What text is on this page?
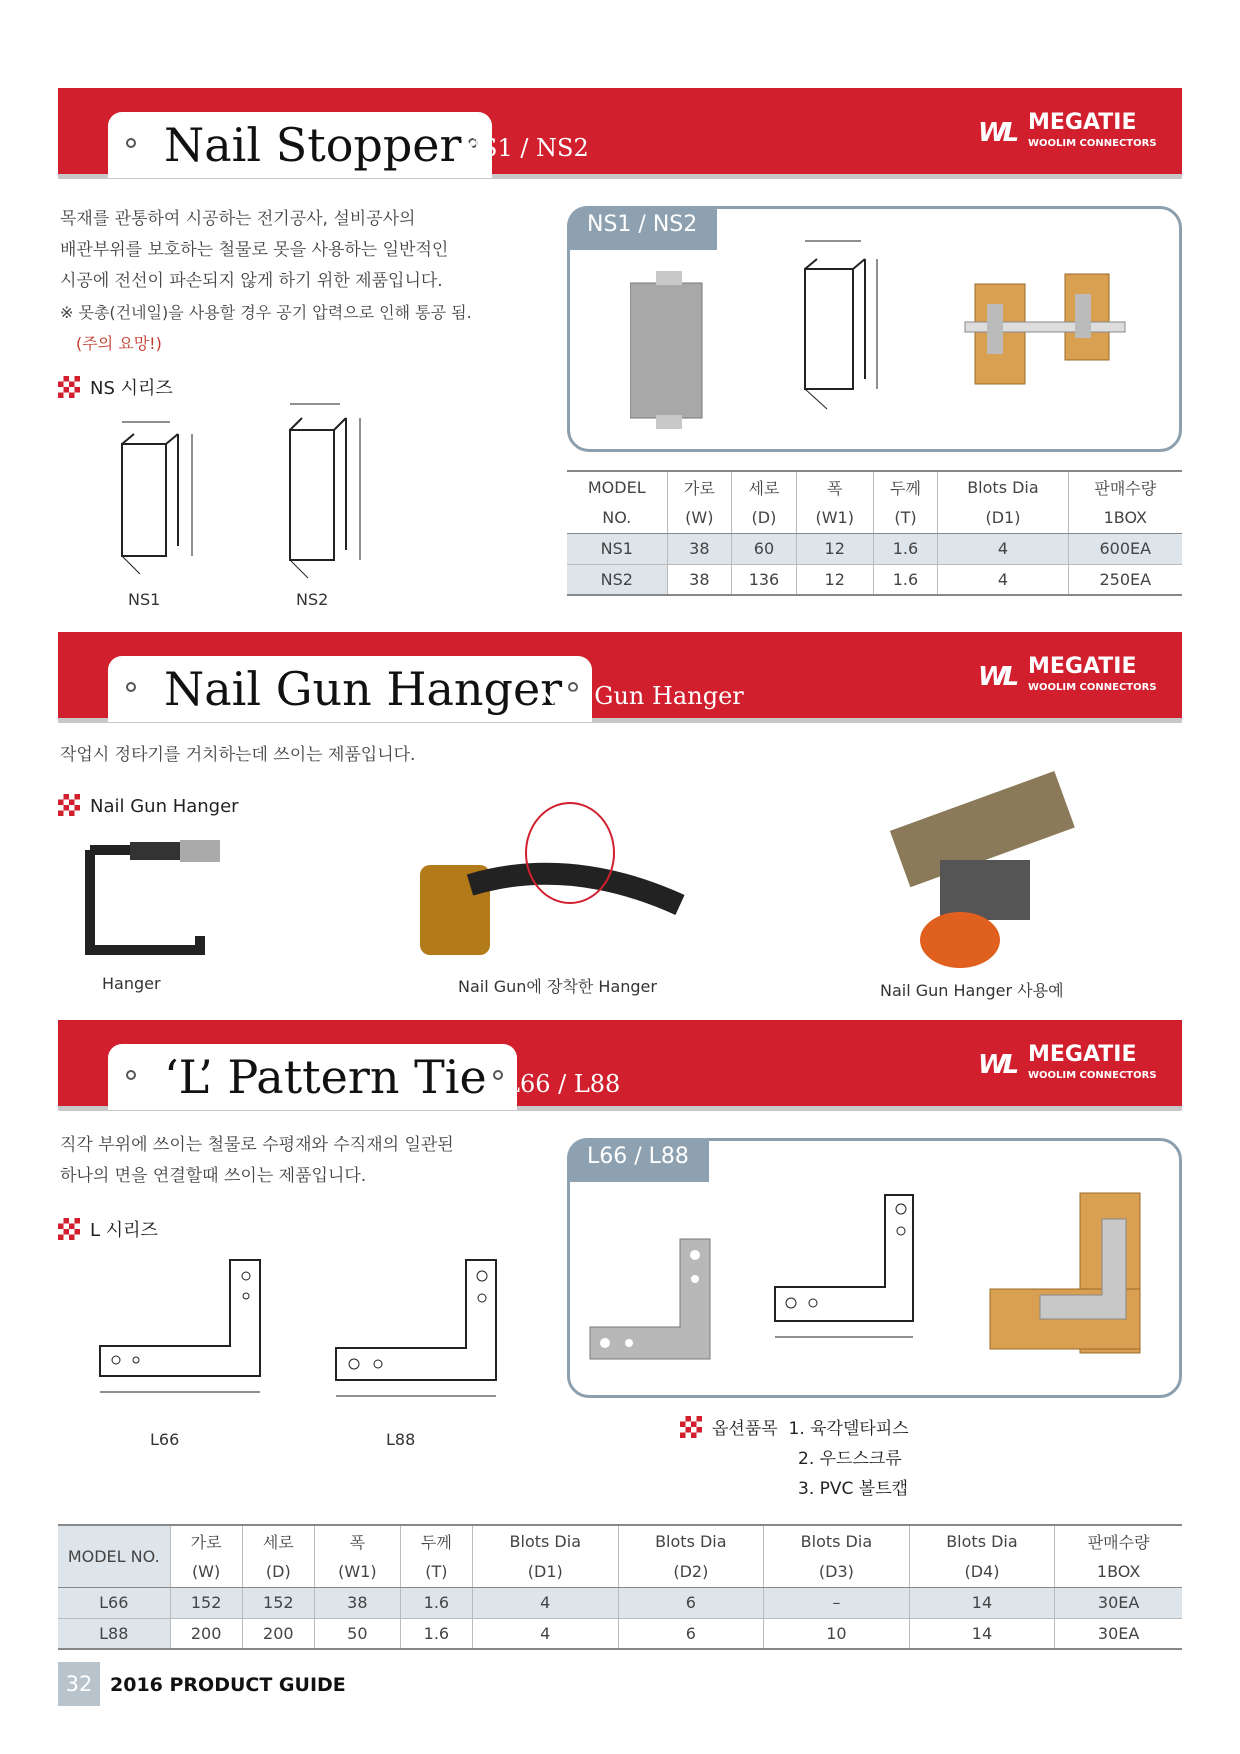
Nail Stopper
NS1 / NS2	WL MEGATIE
WOOLIM CONNECTORS
목재를 관통하여 시공하는 전기공사, 설비공사의
배관부위를 보호하는 철물로 못을 사용하는 일반적인
시공에 전선이 파손되지 않게 하기 위한 제품입니다.
※ 못총(건네일)을 사용할 경우 공기 압력으로 인해 통공 됨.
(주의 요망!)
NS 시리즈
NS1	NS2
NS1 / NS2
MODEL	가로	세로	폭	두께	Blots Dia	판매수량
NO.	(W)	(D)	(W1)	(T)	(D1)	1BOX
NS1	38	60	12	1.6	4	600EA
NS2	38	136	12	1.6	4	250EA
Nail Gun Hanger
Nail Gun Hanger
WL MEGATIE
WOOLIM CONNECTORS
작업시 정타기를 거치하는데 쓰이는 제품입니다.
Nail Gun Hanger
Hanger	Nail Gun에 장착한 Hanger	Nail Gun Hanger 사용예
‘L’ Pattern Tie L66 / L88
WL MEGATIE
WOOLIM CONNECTORS
직각 부위에 쓰이는 철물로 수평재와 수직재의 일관된
하나의 면을 연결할때 쓰이는 제품입니다.
L 시리즈
L66	L88
L66 / L88
옵션품목 1. 육각델타피스
2. 우드스크류
3. PVC 볼트캡
MODEL NO.	가로	세로	폭	두께	Blots Dia	Blots Dia	Blots Dia	Blots Dia	판매수량
	(W)	(D)	(W1)	(T)	(D1)	(D2)	(D3)	(D4)	1BOX
L66	152	152	38	1.6	4	6	–	14	30EA
L88	200	200	50	1.6	4	6	10	14	30EA
32 2016 PRODUCT GUIDE
